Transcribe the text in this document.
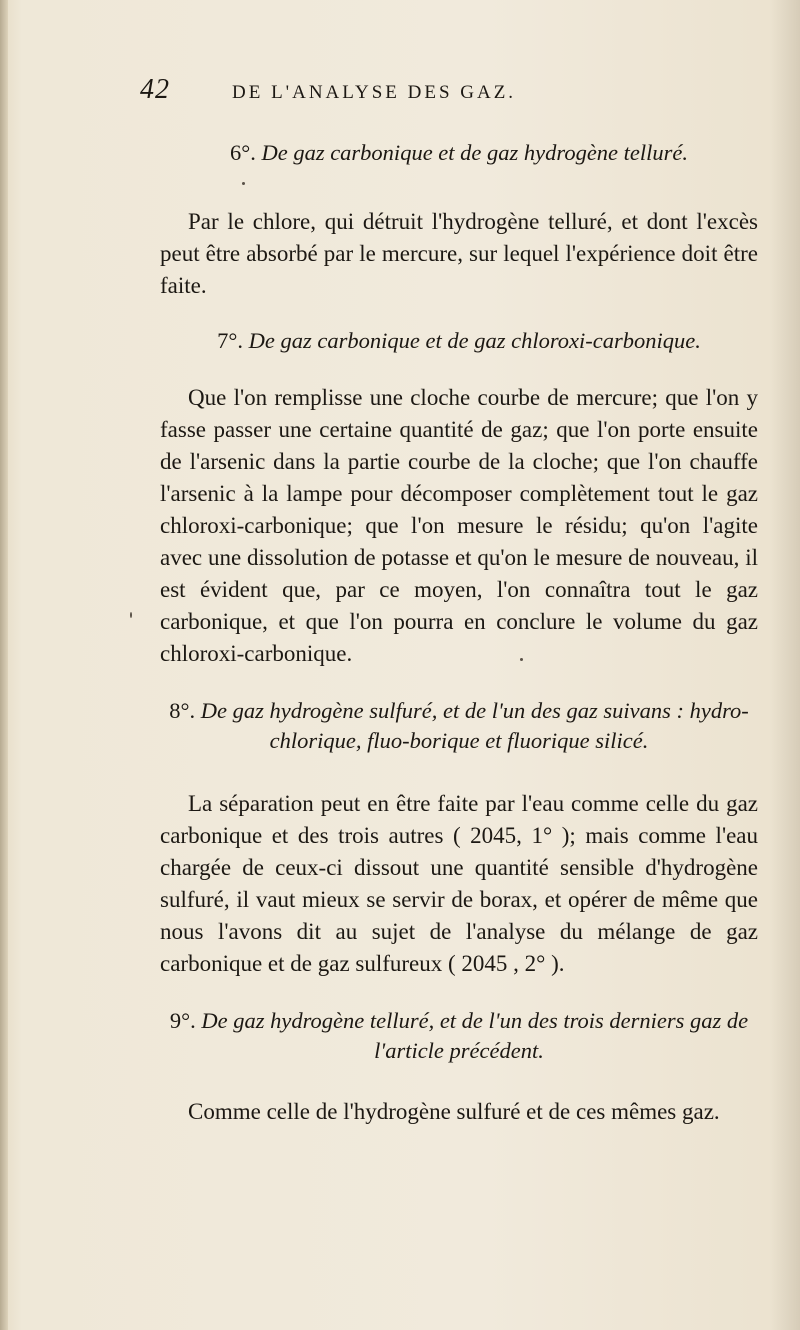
42	DE L'ANALYSE DES GAZ.

6°. De gaz carbonique et de gaz hydrogène telluré.

Par le chlore, qui détruit l'hydrogène telluré, et dont l'excès peut être absorbé par le mercure, sur lequel l'expérience doit être faite.

7°. De gaz carbonique et de gaz chloroxi-carbonique.

Que l'on remplisse une cloche courbe de mercure; que l'on y fasse passer une certaine quantité de gaz; que l'on porte ensuite de l'arsenic dans la partie courbe de la cloche; que l'on chauffe l'arsenic à la lampe pour décomposer complètement tout le gaz chloroxi-carbonique; que l'on mesure le résidu; qu'on l'agite avec une dissolution de potasse et qu'on le mesure de nouveau, il est évident que, par ce moyen, l'on connaîtra tout le gaz carbonique, et que l'on pourra en conclure le volume du gaz chloroxi-carbonique.

8°. De gaz hydrogène sulfuré, et de l'un des gaz suivans : hydro-chlorique, fluo-borique et fluorique silicé.

La séparation peut en être faite par l'eau comme celle du gaz carbonique et des trois autres ( 2045, 1° ); mais comme l'eau chargée de ceux-ci dissout une quantité sensible d'hydrogène sulfuré, il vaut mieux se servir de borax, et opérer de même que nous l'avons dit au sujet de l'analyse du mélange de gaz carbonique et de gaz sulfureux ( 2045 , 2° ).

9°. De gaz hydrogène telluré, et de l'un des trois derniers gaz de l'article précédent.

Comme celle de l'hydrogène sulfuré et de ces mêmes gaz.
